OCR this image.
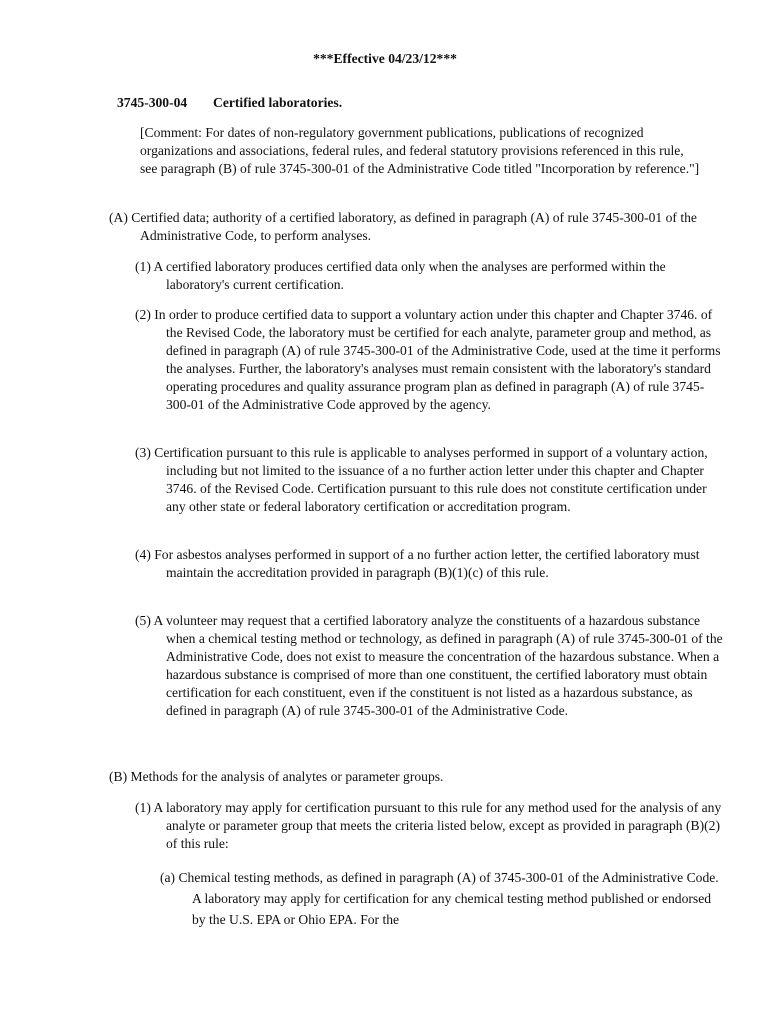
***Effective 04/23/12***
3745-300-04 Certified laboratories.
[Comment: For dates of non-regulatory government publications, publications of recognized organizations and associations, federal rules, and federal statutory provisions referenced in this rule, see paragraph (B) of rule 3745-300-01 of the Administrative Code titled "Incorporation by reference."]
(A) Certified data; authority of a certified laboratory, as defined in paragraph (A) of rule 3745-300-01 of the Administrative Code, to perform analyses.
(1) A certified laboratory produces certified data only when the analyses are performed within the laboratory's current certification.
(2) In order to produce certified data to support a voluntary action under this chapter and Chapter 3746. of the Revised Code, the laboratory must be certified for each analyte, parameter group and method, as defined in paragraph (A) of rule 3745-300-01 of the Administrative Code, used at the time it performs the analyses. Further, the laboratory's analyses must remain consistent with the laboratory's standard operating procedures and quality assurance program plan as defined in paragraph (A) of rule 3745-300-01 of the Administrative Code approved by the agency.
(3) Certification pursuant to this rule is applicable to analyses performed in support of a voluntary action, including but not limited to the issuance of a no further action letter under this chapter and Chapter 3746. of the Revised Code. Certification pursuant to this rule does not constitute certification under any other state or federal laboratory certification or accreditation program.
(4) For asbestos analyses performed in support of a no further action letter, the certified laboratory must maintain the accreditation provided in paragraph (B)(1)(c) of this rule.
(5) A volunteer may request that a certified laboratory analyze the constituents of a hazardous substance when a chemical testing method or technology, as defined in paragraph (A) of rule 3745-300-01 of the Administrative Code, does not exist to measure the concentration of the hazardous substance. When a hazardous substance is comprised of more than one constituent, the certified laboratory must obtain certification for each constituent, even if the constituent is not listed as a hazardous substance, as defined in paragraph (A) of rule 3745-300-01 of the Administrative Code.
(B) Methods for the analysis of analytes or parameter groups.
(1) A laboratory may apply for certification pursuant to this rule for any method used for the analysis of any analyte or parameter group that meets the criteria listed below, except as provided in paragraph (B)(2) of this rule:
(a) Chemical testing methods, as defined in paragraph (A) of 3745-300-01 of the Administrative Code. A laboratory may apply for certification for any chemical testing method published or endorsed by the U.S. EPA or Ohio EPA. For the
